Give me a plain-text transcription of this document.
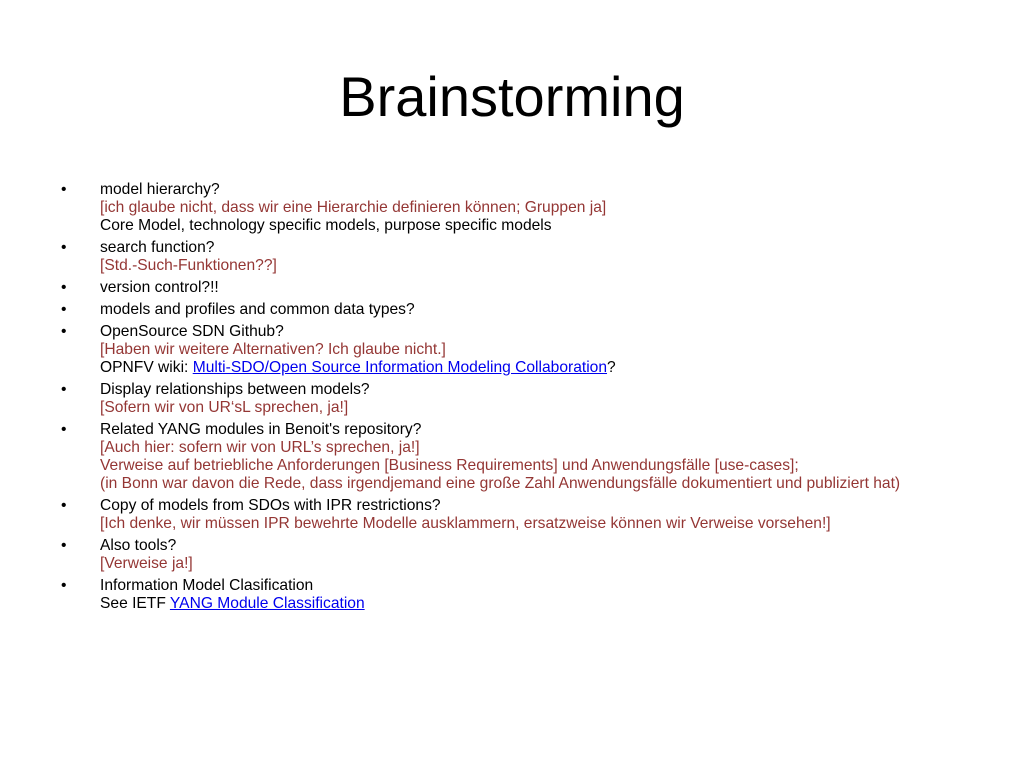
Brainstorming
• model hierarchy?
[ich glaube nicht, dass wir eine Hierarchie definieren können; Gruppen ja]
Core Model, technology specific models, purpose specific models
• search function?
[Std.-Such-Funktionen??]
• version control?!!
• models and profiles and common data types?
• OpenSource SDN Github?
[Haben wir weitere Alternativen? Ich glaube nicht.]
OPNFV wiki: Multi-SDO/Open Source Information Modeling Collaboration?
• Display relationships between models?
[Sofern wir von UR‘sL sprechen, ja!]
• Related YANG modules in Benoit's repository?
[Auch hier: sofern wir von URL’s sprechen, ja!]
Verweise auf betriebliche Anforderungen [Business Requirements] und Anwendungsfälle [use-cases];
(in Bonn war davon die Rede, dass irgendjemand eine große Zahl Anwendungsfälle dokumentiert und publiziert hat)
• Copy of models from SDOs with IPR restrictions?
[Ich denke, wir müssen IPR bewehrte Modelle ausklammern, ersatzweise können wir Verweise vorsehen!]
• Also tools?
[Verweise ja!]
• Information Model Clasification
See IETF YANG Module Classification
